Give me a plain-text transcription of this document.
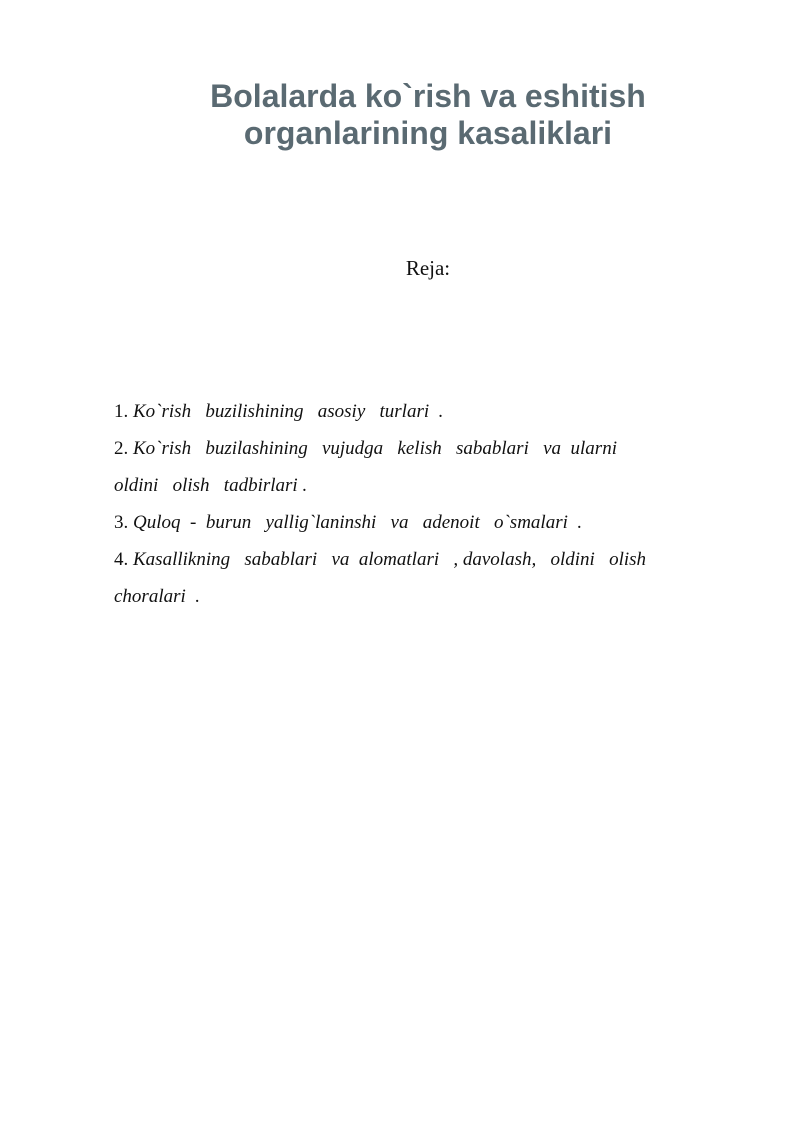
Bolalarda ko`rish va eshitish
organlarining kasaliklari
Reja:
1. Ko`rish   buzilishining   asosiy   turlari  .
2. Ko`rish   buzilashining   vujudga   kelish   sabablari   va  ularni
oldini   olish   tadbirlari .
3. Quloq  -  burun   yallig`laninshi   va   adenoit   o`smalari  .
4. Kasallikning   sabablari   va  alomatlari   , davolash,   oldini   olish
choralari  .
